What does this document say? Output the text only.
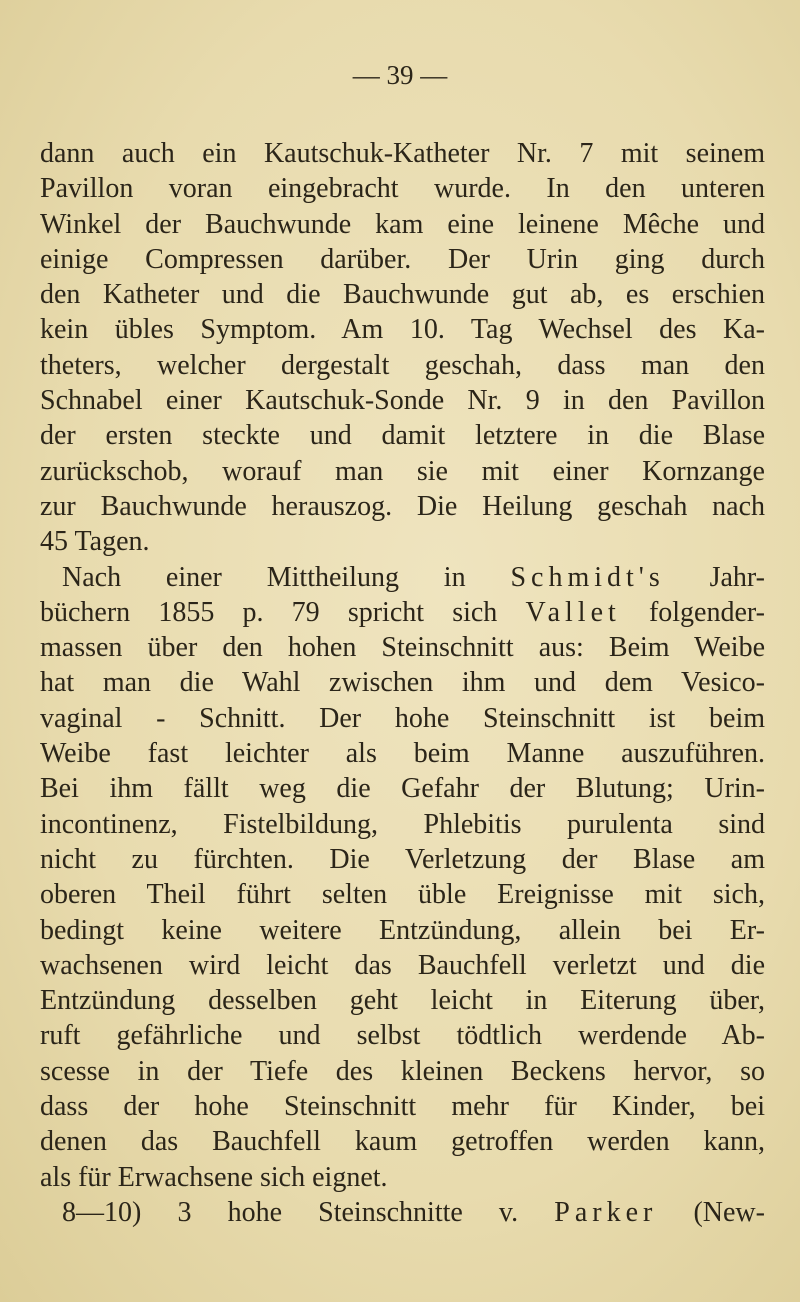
— 39 —
dann auch ein Kautschuk-Katheter Nr. 7 mit seinem
Pavillon voran eingebracht wurde. In den unteren
Winkel der Bauchwunde kam eine leinene Mêche und
einige Compressen darüber. Der Urin ging durch
den Katheter und die Bauchwunde gut ab, es erschien
kein übles Symptom. Am 10. Tag Wechsel des Ka-
theters, welcher dergestalt geschah, dass man den
Schnabel einer Kautschuk-Sonde Nr. 9 in den Pavillon
der ersten steckte und damit letztere in die Blase
zurückschob, worauf man sie mit einer Kornzange
zur Bauchwunde herauszog. Die Heilung geschah nach
45 Tagen.
Nach einer Mittheilung in Schmidt's Jahr-
büchern 1855 p. 79 spricht sich Vallet folgender-
massen über den hohen Steinschnitt aus: Beim Weibe
hat man die Wahl zwischen ihm und dem Vesico-
vaginal - Schnitt. Der hohe Steinschnitt ist beim
Weibe fast leichter als beim Manne auszuführen.
Bei ihm fällt weg die Gefahr der Blutung; Urin-
incontinenz, Fistelbildung, Phlebitis purulenta sind
nicht zu fürchten. Die Verletzung der Blase am
oberen Theil führt selten üble Ereignisse mit sich,
bedingt keine weitere Entzündung, allein bei Er-
wachsenen wird leicht das Bauchfell verletzt und die
Entzündung desselben geht leicht in Eiterung über,
ruft gefährliche und selbst tödtlich werdende Ab-
scesse in der Tiefe des kleinen Beckens hervor, so
dass der hohe Steinschnitt mehr für Kinder, bei
denen das Bauchfell kaum getroffen werden kann,
als für Erwachsene sich eignet.
8—10) 3 hohe Steinschnitte v. Parker (New-
